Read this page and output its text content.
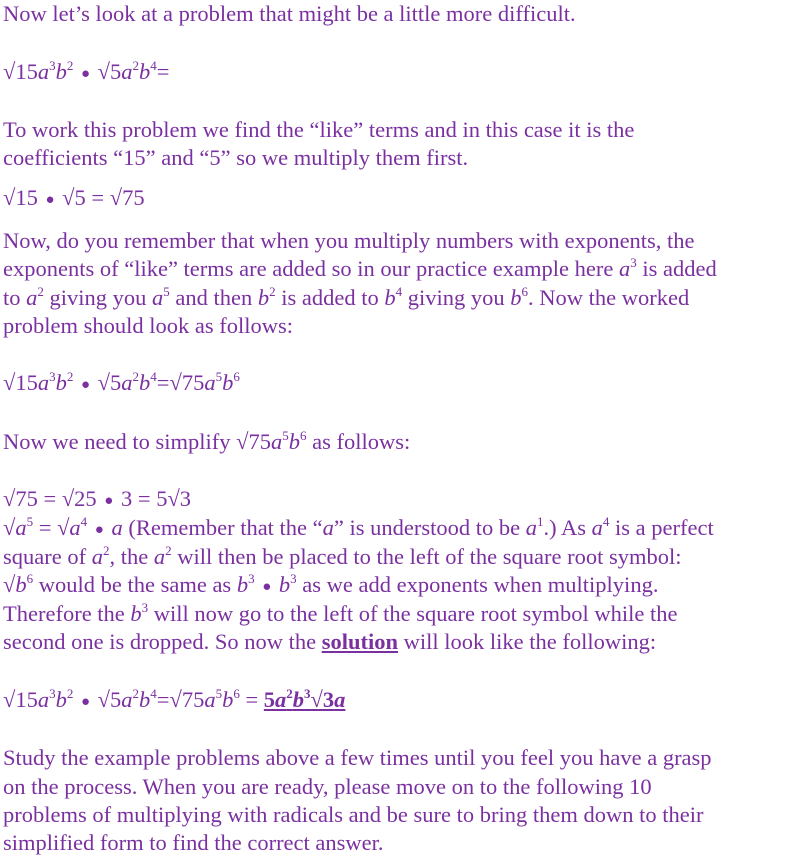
Now let’s look at a problem that might be a little more difficult.
$√15a^3b^2$ ● $√5a^2b^4=$
To work this problem we find the “like” terms and in this case it is the
coefficients “15” and “5” so we multiply them first.
√15 ● √5 = √75
Now, do you remember that when you multiply numbers with exponents, the
exponents of “like” terms are added so in our practice example here $a^3$ is added
to $a^2$ giving you $a^5$ and then $b^2$ is added to $b^4$ giving you $b^6$. Now the worked
problem should look as follows:
$√15a^3b^2$ ● $√5a^2b^4=√75a^5b^6$
Now we need to simplify $√75a^5b^6$ as follows:
√75 = √25 ● 3 = 5√3
$√a^5 = √a^4$ ● a (Remember that the “a” is understood to be $a^1$.) As $a^4$ is a perfect
square of $a^2$, the $a^2$ will then be placed to the left of the square root symbol:
$√b^6$ would be the same as $b^3$ ● $b^3$ as we add exponents when multiplying.
Therefore the $b^3$ will now go to the left of the square root symbol while the
second one is dropped. So now the solution will look like the following:
$√15a^3b^2$ ● $√5a^2b^4=√75a^5b^6 = 5a^2b^3√3a$
Study the example problems above a few times until you feel you have a grasp
on the process. When you are ready, please move on to the following 10
problems of multiplying with radicals and be sure to bring them down to their
simplified form to find the correct answer.
